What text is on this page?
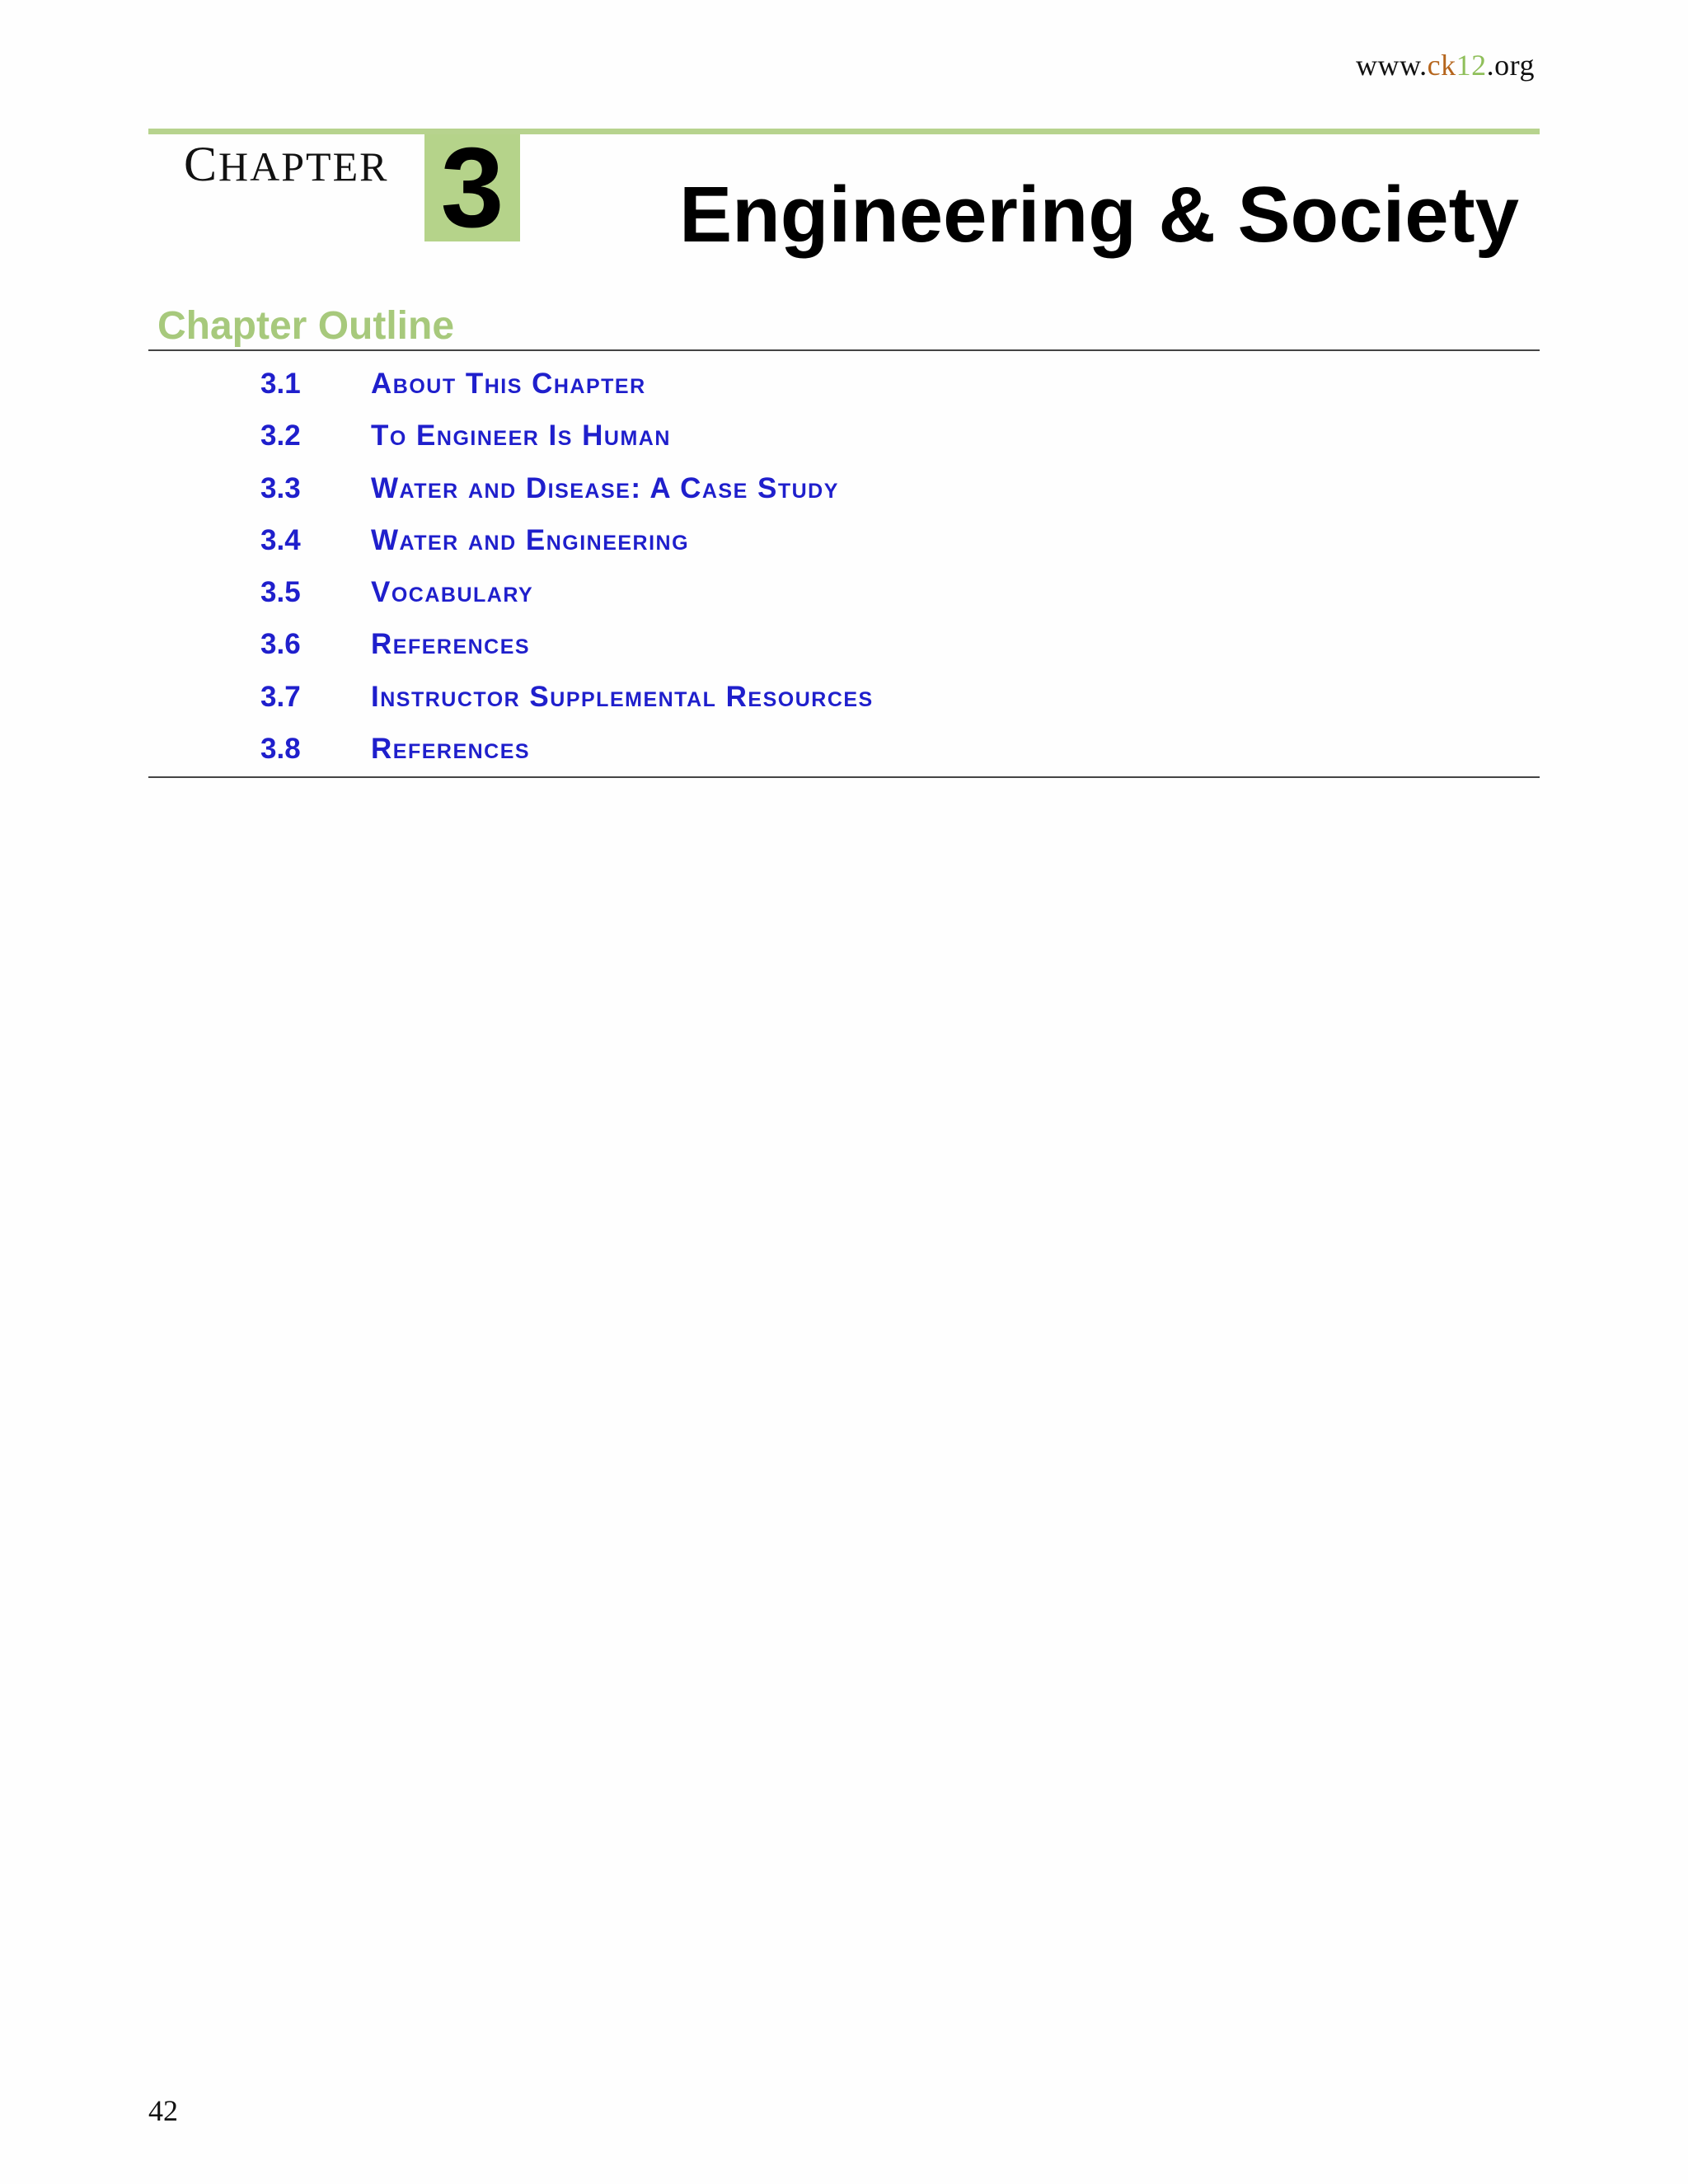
www.ck12.org
CHAPTER 3 Engineering & Society
Chapter Outline
3.1 About This Chapter
3.2 To Engineer Is Human
3.3 Water and Disease: A Case Study
3.4 Water and Engineering
3.5 Vocabulary
3.6 References
3.7 Instructor Supplemental Resources
3.8 References
42
